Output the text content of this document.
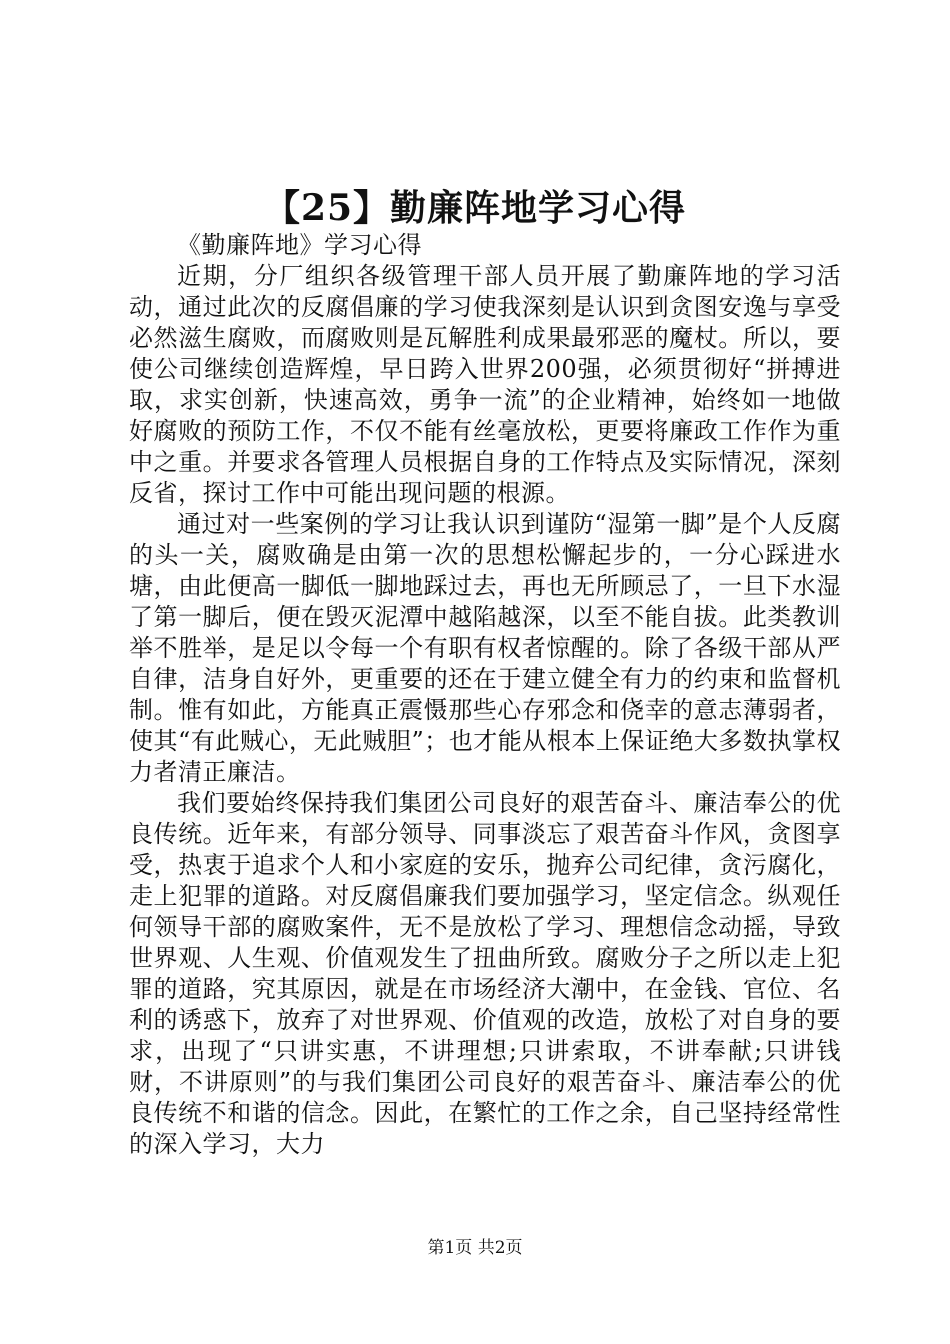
【25】勤廉阵地学习心得

《勤廉阵地》学习心得

近期，分厂组织各级管理干部人员开展了勤廉阵地的学习活动，通过此次的反腐倡廉的学习使我深刻是认识到贪图安逸与享受必然滋生腐败，而腐败则是瓦解胜利成果最邪恶的魔杖。所以，要使公司继续创造辉煌，早日跨入世界200强，必须贯彻好“拼搏进取，求实创新，快速高效，勇争一流”的企业精神，始终如一地做好腐败的预防工作，不仅不能有丝毫放松，更要将廉政工作作为重中之重。并要求各管理人员根据自身的工作特点及实际情况，深刻反省，探讨工作中可能出现问题的根源。

通过对一些案例的学习让我认识到谨防“湿第一脚”是个人反腐的头一关，腐败确是由第一次的思想松懈起步的，一分心踩进水塘，由此便高一脚低一脚地踩过去，再也无所顾忌了，一旦下水湿了第一脚后，便在毁灭泥潭中越陷越深，以至不能自拔。此类教训举不胜举，是足以令每一个有职有权者惊醒的。除了各级干部从严自律，洁身自好外，更重要的还在于建立健全有力的约束和监督机制。惟有如此，方能真正震慑那些心存邪念和侥幸的意志薄弱者，使其“有此贼心，无此贼胆”；也才能从根本上保证绝大多数执掌权力者清正廉洁。

我们要始终保持我们集团公司良好的艰苦奋斗、廉洁奉公的优良传统。近年来，有部分领导、同事淡忘了艰苦奋斗作风，贪图享受，热衷于追求个人和小家庭的安乐，抛弃公司纪律，贪污腐化，走上犯罪的道路。对反腐倡廉我们要加强学习，坚定信念。纵观任何领导干部的腐败案件，无不是放松了学习、理想信念动摇，导致世界观、人生观、价值观发生了扭曲所致。腐败分子之所以走上犯罪的道路，究其原因，就是在市场经济大潮中，在金钱、官位、名利的诱惑下，放弃了对世界观、价值观的改造，放松了对自身的要求，出现了“只讲实惠，不讲理想;只讲索取，不讲奉献;只讲钱财，不讲原则”的与我们集团公司良好的艰苦奋斗、廉洁奉公的优良传统不和谐的信念。因此，在繁忙的工作之余，自己坚持经常性的深入学习，大力

第1页 共2页
